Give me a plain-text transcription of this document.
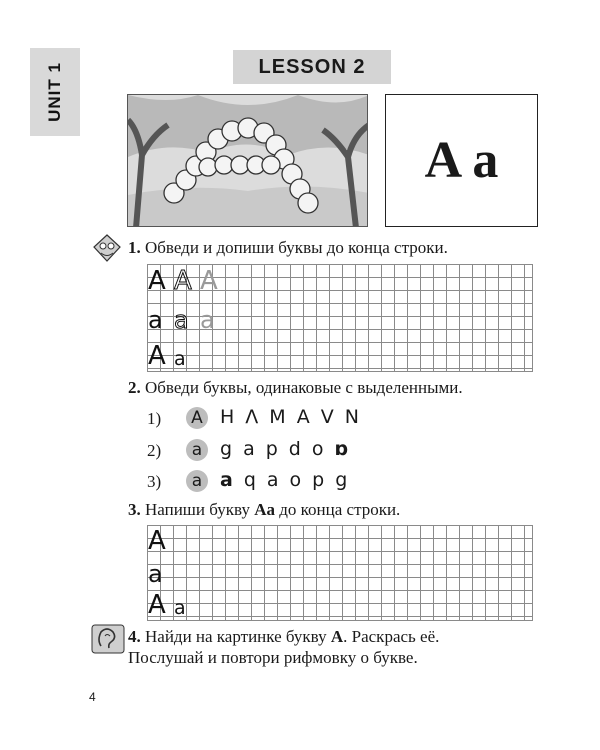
UNIT 1	LESSON 2
A a
1. Обведи и допиши буквы до конца строки.
A A A
a a a
A a
2. Обведи буквы, одинаковые с выделенными.
1)	A H Λ M A V N
2)	a g a p d o ɒ
3)	a a q a o p g
3. Напиши букву Aa до конца строки.
A
a
A a
4. Найди на картинке букву A. Раскрась её.
Послушай и повтори рифмовку о букве.
4
